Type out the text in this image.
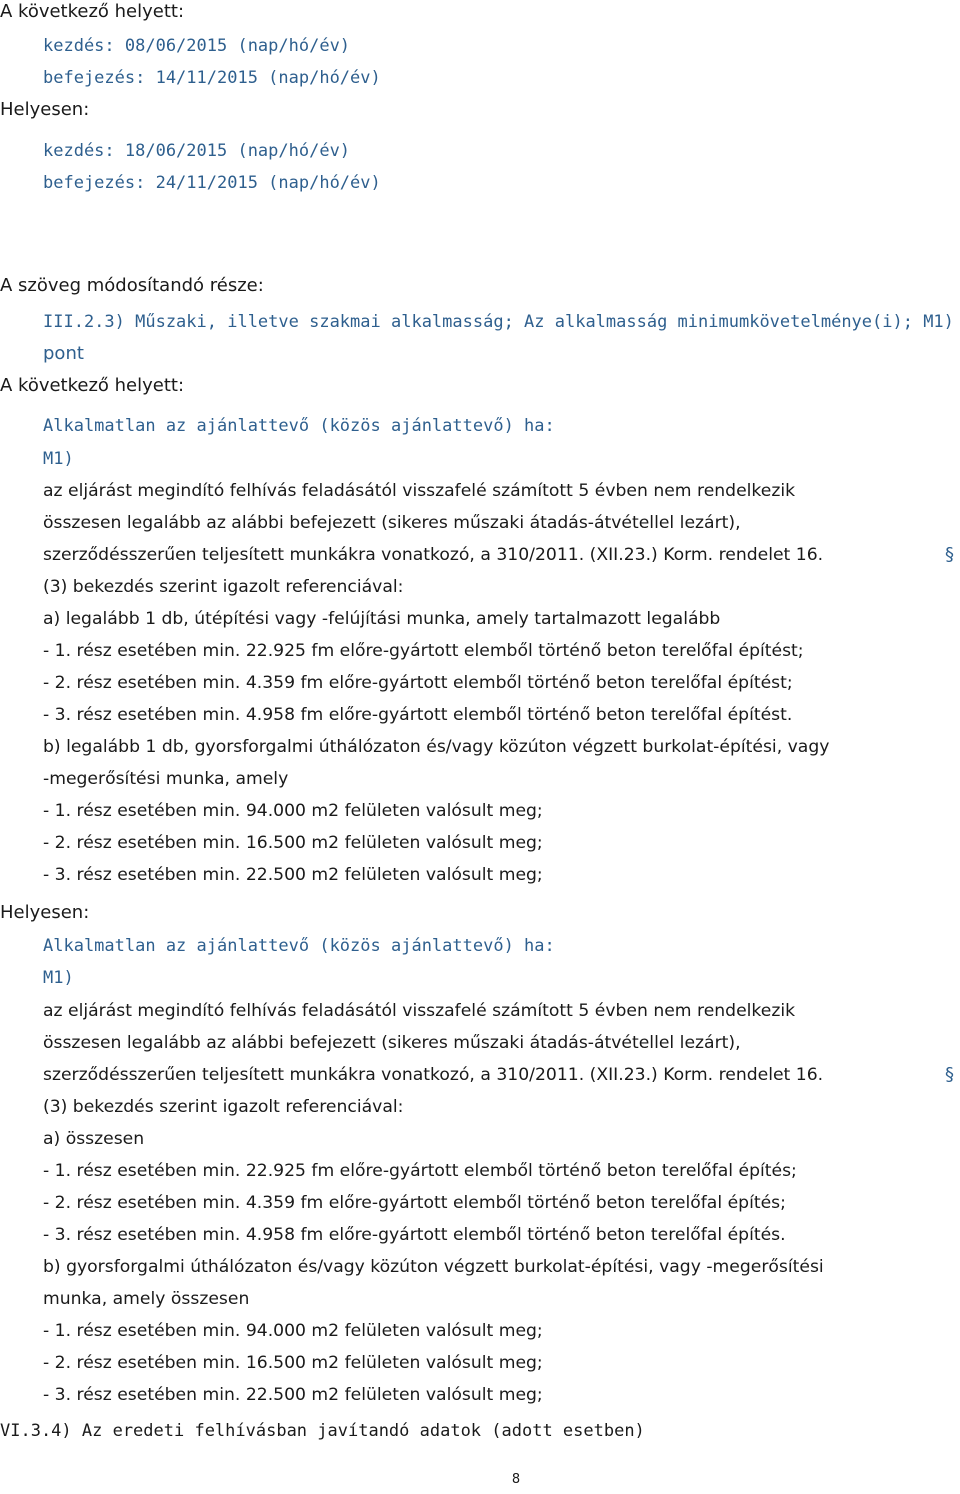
A következő helyett:
kezdés: 08/06/2015 (nap/hó/év)
befejezés: 14/11/2015 (nap/hó/év)
Helyesen:
kezdés: 18/06/2015 (nap/hó/év)
befejezés: 24/11/2015 (nap/hó/év)
A szöveg módosítandó része:
III.2.3) Műszaki, illetve szakmai alkalmasság; Az alkalmasság minimumkövetelménye(i); M1)
pont
A következő helyett:
Alkalmatlan az ajánlattevő (közös ajánlattevő) ha:
M1)
az eljárást megindító felhívás feladásától visszafelé számított 5 évben nem rendelkezik
összesen legalább az alábbi befejezett (sikeres műszaki átadás-átvétellel lezárt),
szerződésszerűen teljesített munkákra vonatkozó, a 310/2011. (XII.23.) Korm. rendelet 16.	§
(3) bekezdés szerint igazolt referenciával:
a) legalább 1 db, útépítési vagy -felújítási munka, amely tartalmazott legalább
- 1. rész esetében min. 22.925 fm előre-gyártott elemből történő beton terelőfal építést;
- 2. rész esetében min. 4.359 fm előre-gyártott elemből történő beton terelőfal építést;
- 3. rész esetében min. 4.958 fm előre-gyártott elemből történő beton terelőfal építést.
b) legalább 1 db, gyorsforgalmi úthálózaton és/vagy közúton végzett burkolat-építési, vagy
-megerősítési munka, amely
- 1. rész esetében min. 94.000 m2 felületen valósult meg;
- 2. rész esetében min. 16.500 m2 felületen valósult meg;
- 3. rész esetében min. 22.500 m2 felületen valósult meg;
Helyesen:
Alkalmatlan az ajánlattevő (közös ajánlattevő) ha:
M1)
az eljárást megindító felhívás feladásától visszafelé számított 5 évben nem rendelkezik
összesen legalább az alábbi befejezett (sikeres műszaki átadás-átvétellel lezárt),
szerződésszerűen teljesített munkákra vonatkozó, a 310/2011. (XII.23.) Korm. rendelet 16.	§
(3) bekezdés szerint igazolt referenciával:
a) összesen
- 1. rész esetében min. 22.925 fm előre-gyártott elemből történő beton terelőfal építés;
- 2. rész esetében min. 4.359 fm előre-gyártott elemből történő beton terelőfal építés;
- 3. rész esetében min. 4.958 fm előre-gyártott elemből történő beton terelőfal építés.
b) gyorsforgalmi úthálózaton és/vagy közúton végzett burkolat-építési, vagy -megerősítési
munka, amely összesen
- 1. rész esetében min. 94.000 m2 felületen valósult meg;
- 2. rész esetében min. 16.500 m2 felületen valósult meg;
- 3. rész esetében min. 22.500 m2 felületen valósult meg;
VI.3.4) Az eredeti felhívásban javítandó adatok (adott esetben)
8
